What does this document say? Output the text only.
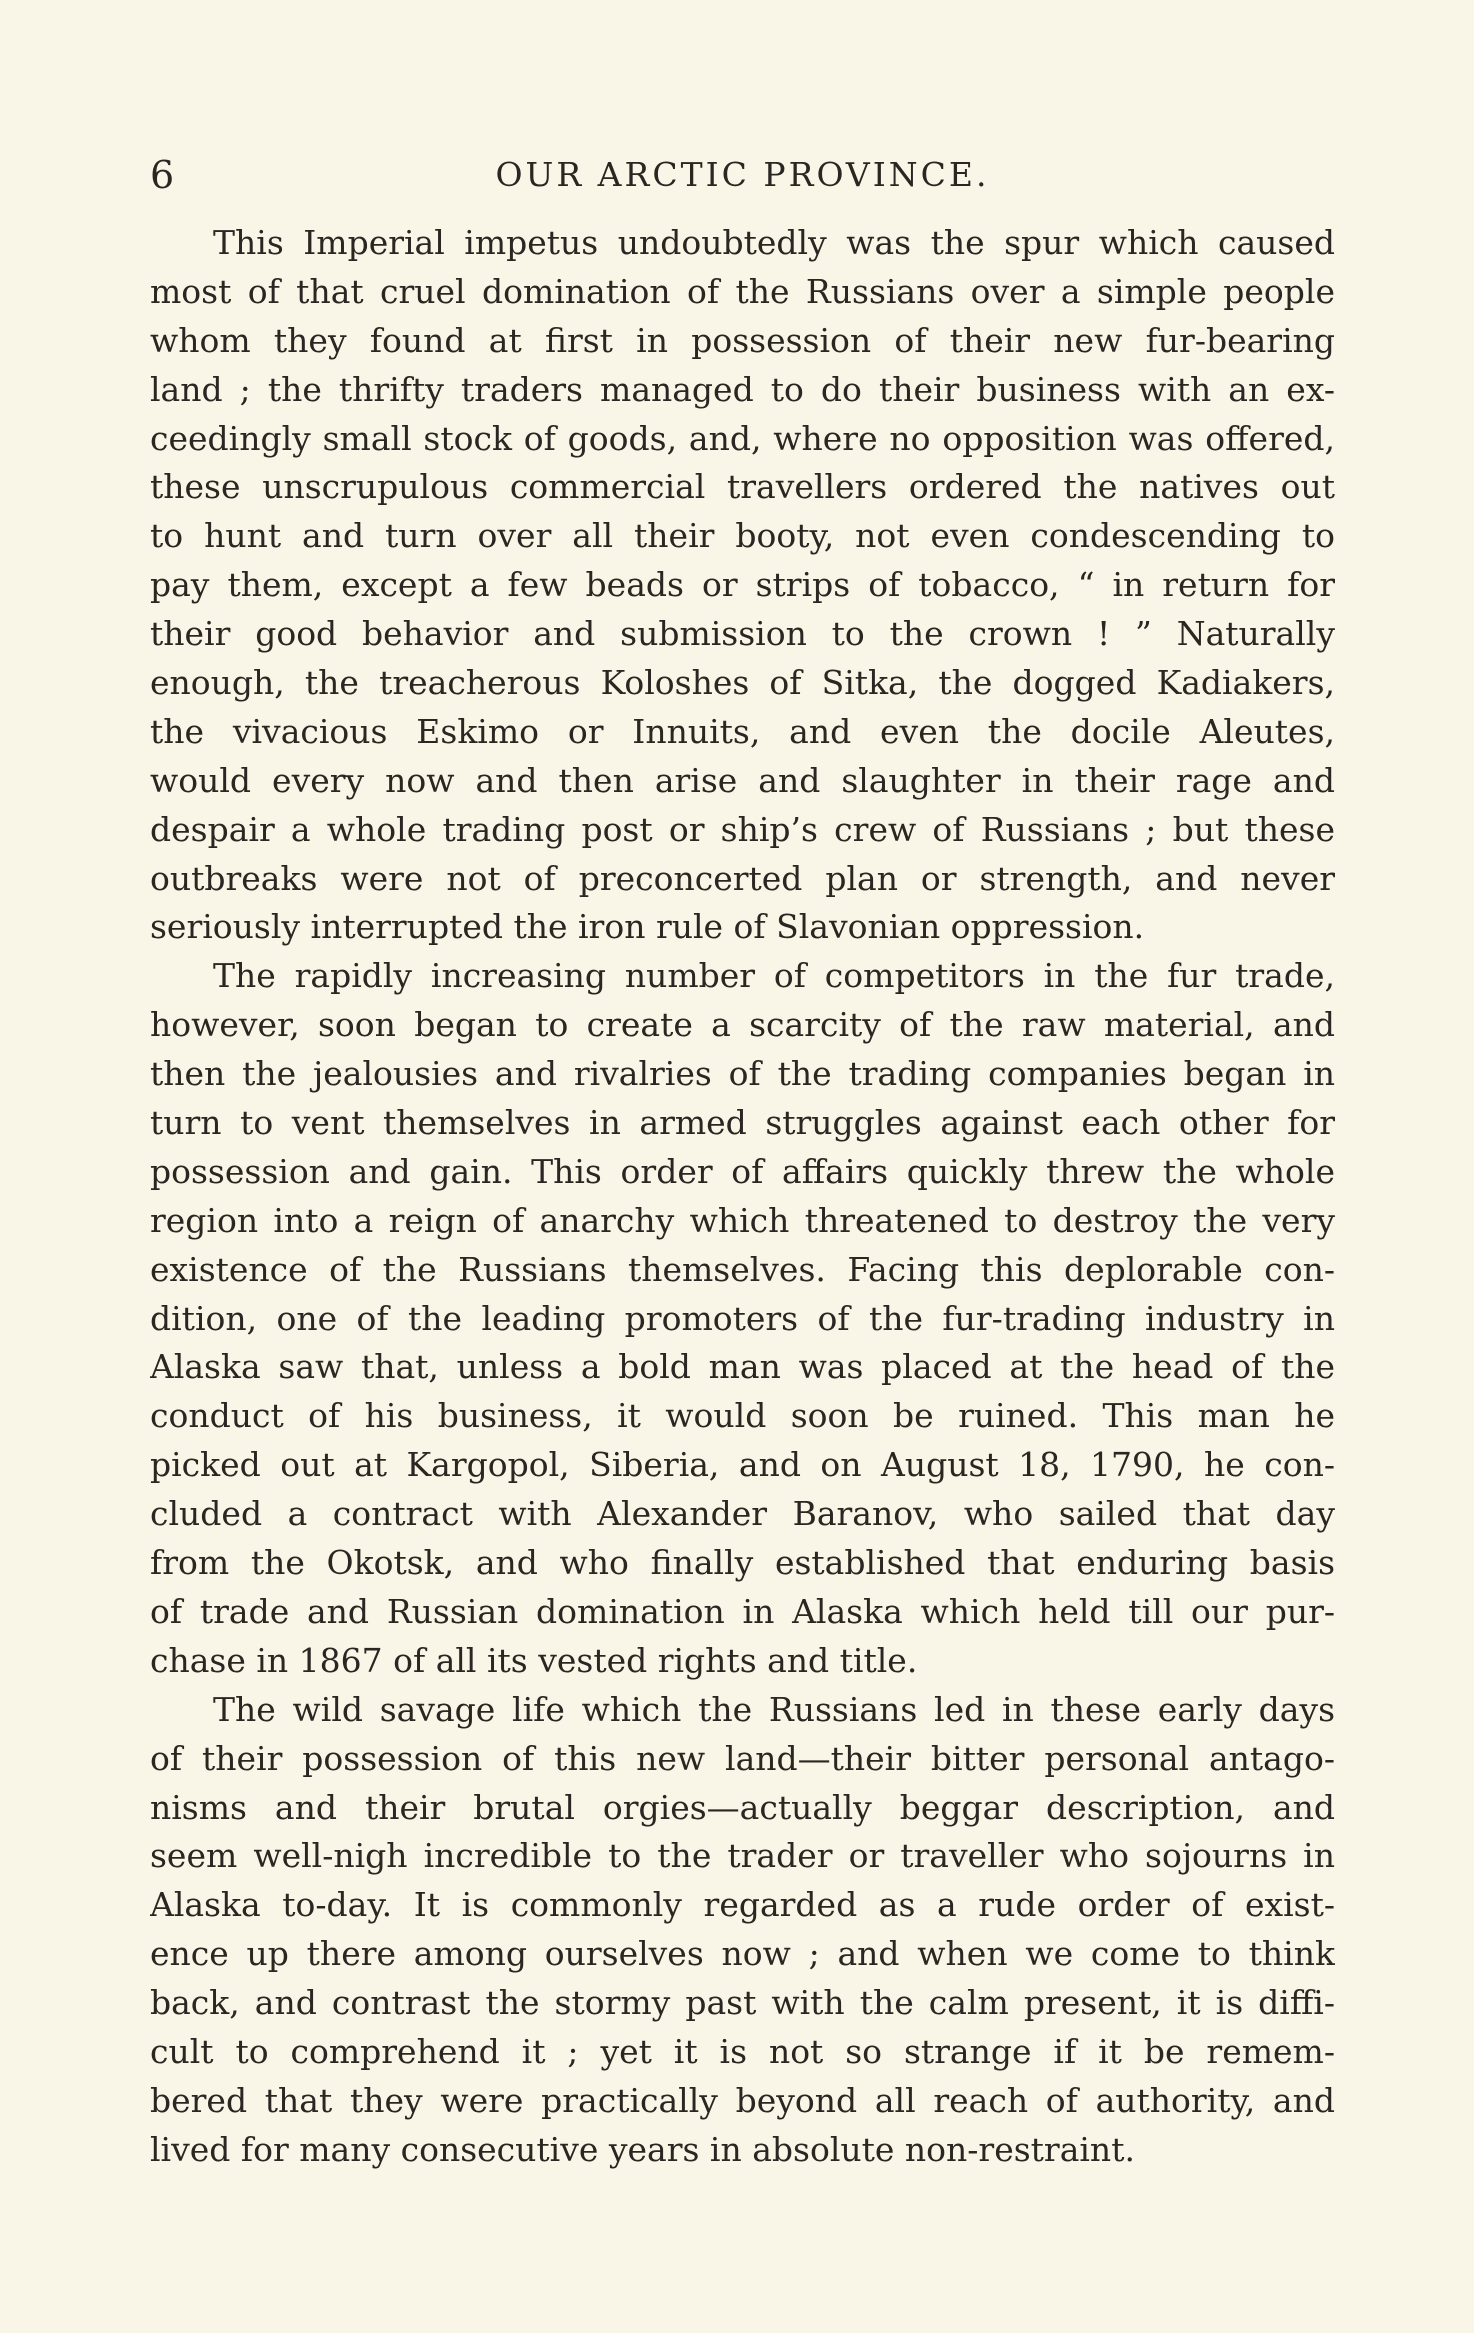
6	OUR ARCTIC PROVINCE.
This Imperial impetus undoubtedly was the spur which caused
most of that cruel domination of the Russians over a simple people
whom they found at first in possession of their new fur-bearing
land ; the thrifty traders managed to do their business with an ex-
ceedingly small stock of goods, and, where no opposition was offered,
these unscrupulous commercial travellers ordered the natives out
to hunt and turn over all their booty, not even condescending to
pay them, except a few beads or strips of tobacco, “ in return for
their good behavior and submission to the crown ! ” Naturally
enough, the treacherous Koloshes of Sitka, the dogged Kadiakers,
the vivacious Eskimo or Innuits, and even the docile Aleutes,
would every now and then arise and slaughter in their rage and
despair a whole trading post or ship’s crew of Russians ; but these
outbreaks were not of preconcerted plan or strength, and never
seriously interrupted the iron rule of Slavonian oppression.
The rapidly increasing number of competitors in the fur trade,
however, soon began to create a scarcity of the raw material, and
then the jealousies and rivalries of the trading companies began in
turn to vent themselves in armed struggles against each other for
possession and gain. This order of affairs quickly threw the whole
region into a reign of anarchy which threatened to destroy the very
existence of the Russians themselves. Facing this deplorable con-
dition, one of the leading promoters of the fur-trading industry in
Alaska saw that, unless a bold man was placed at the head of the
conduct of his business, it would soon be ruined. This man he
picked out at Kargopol, Siberia, and on August 18, 1790, he con-
cluded a contract with Alexander Baranov, who sailed that day
from the Okotsk, and who finally established that enduring basis
of trade and Russian domination in Alaska which held till our pur-
chase in 1867 of all its vested rights and title.
The wild savage life which the Russians led in these early days
of their possession of this new land—their bitter personal antago-
nisms and their brutal orgies—actually beggar description, and
seem well-nigh incredible to the trader or traveller who sojourns in
Alaska to-day. It is commonly regarded as a rude order of exist-
ence up there among ourselves now ; and when we come to think
back, and contrast the stormy past with the calm present, it is diffi-
cult to comprehend it ; yet it is not so strange if it be remem-
bered that they were practically beyond all reach of authority, and
lived for many consecutive years in absolute non-restraint.
